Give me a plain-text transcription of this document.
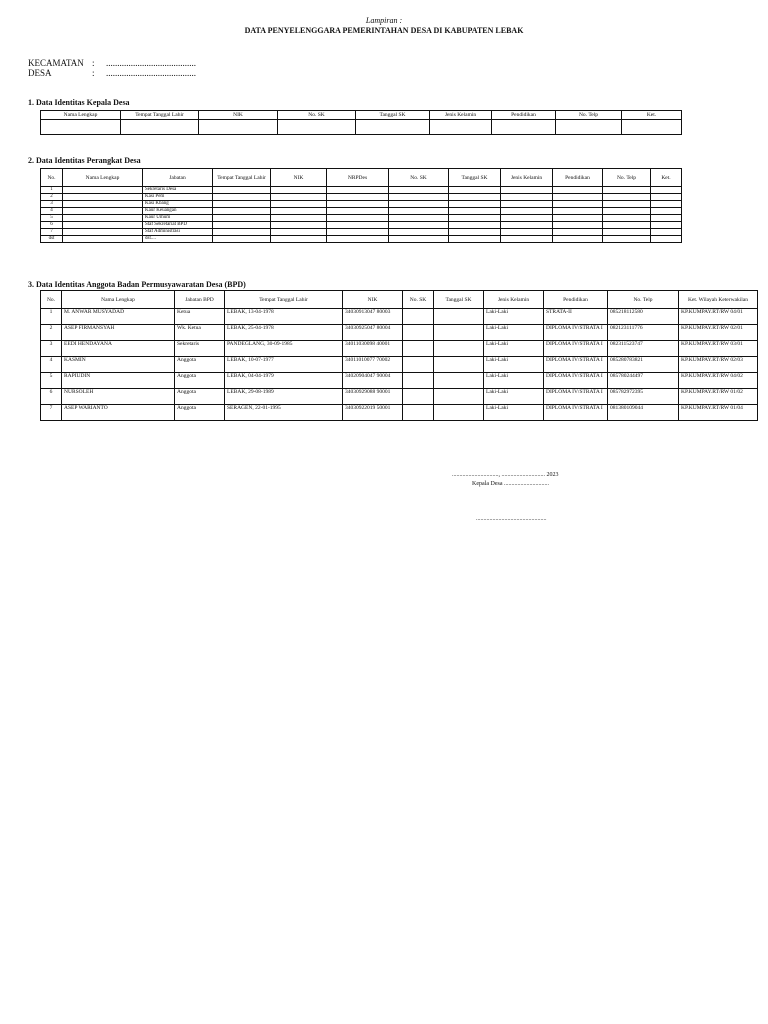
Lampiran :
DATA PENYELENGGARA PEMERINTAHAN DESA DI KABUPATEN LEBAK
KECAMATAN : ........................................
DESA	: ........................................
1. Data Identitas Kepala Desa
Nama Lengkap	Tempat Tanggal Lahir	NIK	No. SK	Tanggal SK	Jenis Kelamin	Pendidikan	No. Telp	Ket.

2. Data Identitas Perangkat Desa
No.	Nama Lengkap	Jabatan	Tempat Tanggal Lahir	NIK	NRPDes	No. SK	Tanggal SK	Jenis Kelamin	Pendidikan	No. Telp	Ket.
1		Sekretaris Desa									
2		Kasi Pem									
3		Kasi Kbang									
4		Kaur Keuangan									
5		Kaur Umum									
6		Staf Sekretariat BPD									
7		Staf Administrasi									
dst		dst....									
3. Data Identitas Anggota Badan Permusyawaratan Desa (BPD)
No.	Nama Lengkap	Jabatan BPD	Tempat Tanggal Lahir	NIK	No. SK	Tanggal SK	Jenis Kelamin	Pendidikan	No. Telp	Ket. Wilayah Keterwakilan
1	M. ANWAR MUSYADAD	Ketua	LEBAK, 13-04-1978	34030913047 80003			Laki-Laki	STRATA-II	085218112580	KP.KUMPAY.RT/RW 04/01
2	ASEP FIRMANSYAH	Wk. Ketua	LEBAK, 25-04-1978	34030925047 80004			Laki-Laki	DIPLOMA IV/STRATA I	082123111776	KP.KUMPAY.RT/RW 02/01
3	EEDI HENDAYANA	Sekretaris	PANDEGLANG, 30-09-1985	34011030098 40001			Laki-Laki	DIPLOMA IV/STRATA I	082311523747	KP.KUMPAY.RT/RW 03/01
4	KASMIN	Anggota	LEBAK, 10-07-1977	34011010077 70002			Laki-Laki	DIPLOMA IV/STRATA I	085280783821	KP.KUMPAY.RT/RW 02/03
5	RAPIUDIN	Anggota	LEBAK, 04-04-1979	34020904047 90004			Laki-Laki	DIPLOMA IV/STRATA I	085780244497	KP.KUMPAY.RT/RW 04/02
6	NURSOLEH	Anggota	LEBAK, 29-08-1989	34030929088 90001			Laki-Laki	DIPLOMA IV/STRATA I	085782972395	KP.KUMPAY.RT/RW 01/02
7	ASEP WARIANTO	Anggota	SERAGEN, 22-01-1995	34030922019 50001			Laki-Laki	DIPLOMA IV/STRATA I	081380109044	KP.KUMPAY.RT/RW 01/04
..............................., ............................. 2023
Kepala Desa ..............................
...............................................
